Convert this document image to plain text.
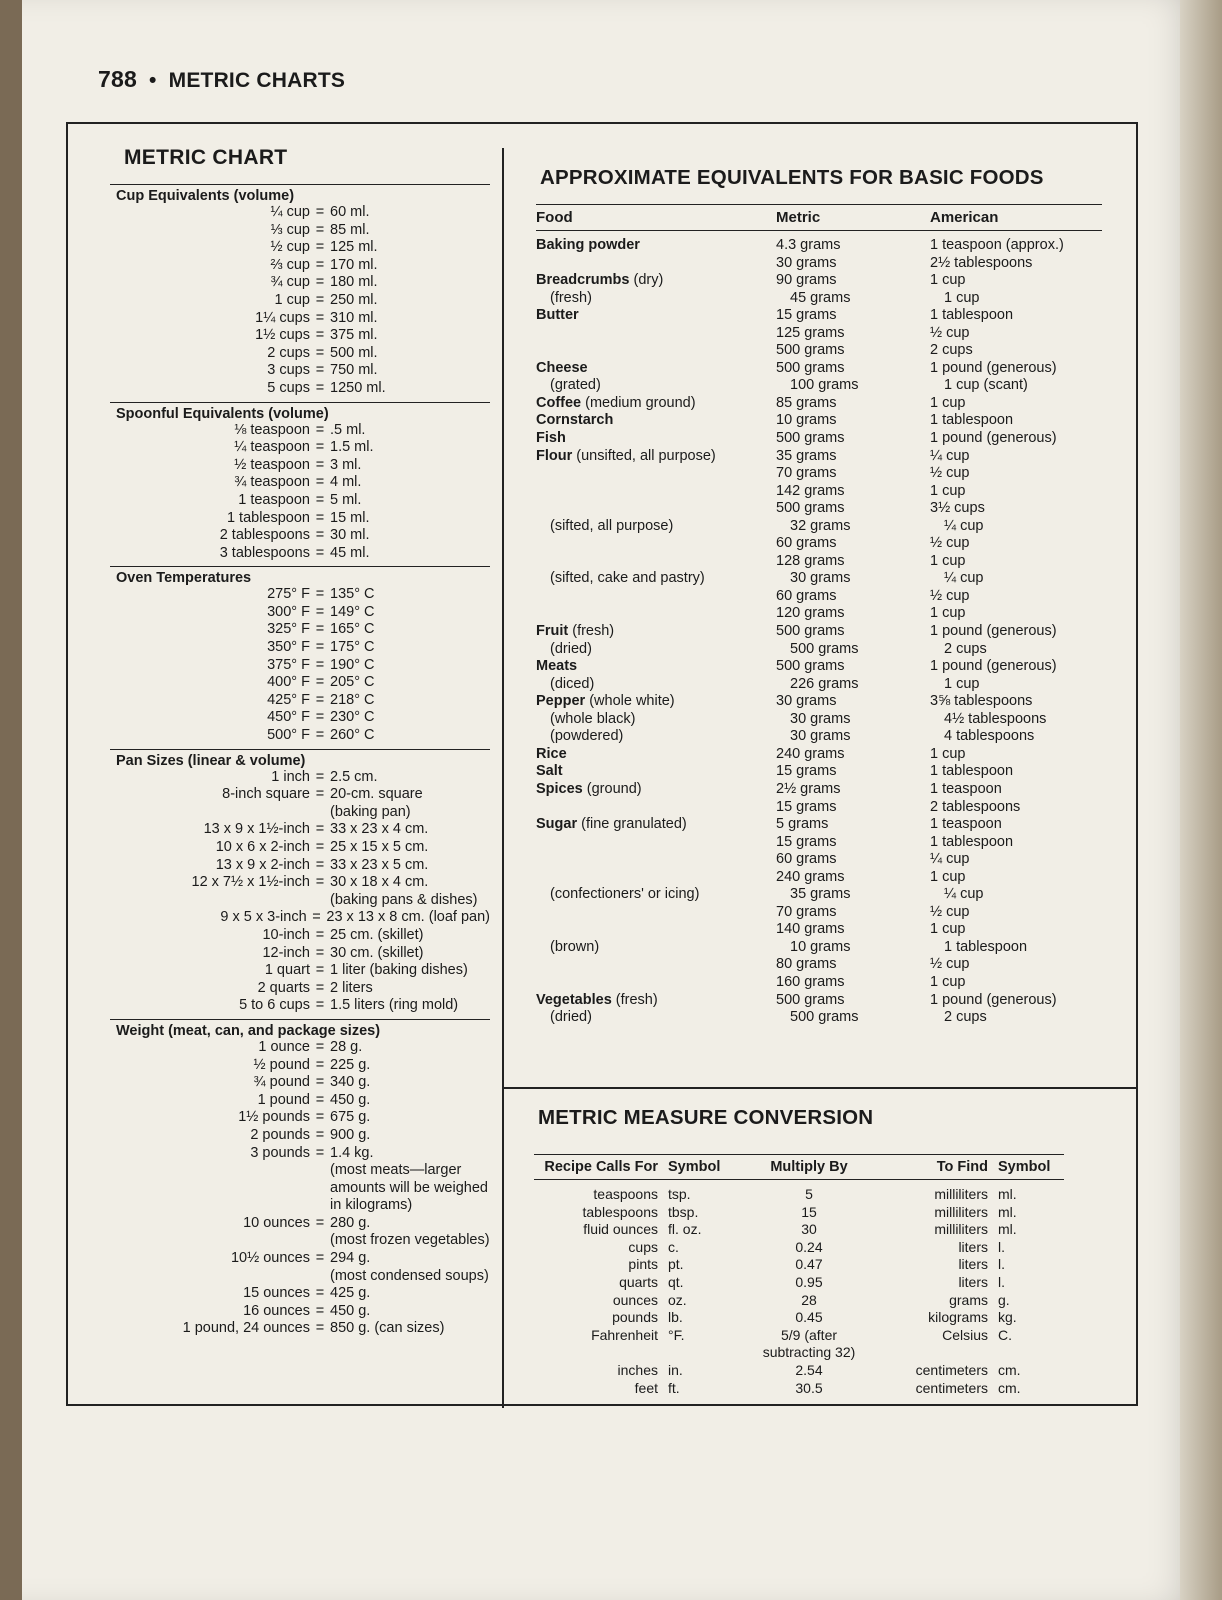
788 • METRIC CHARTS
METRIC CHART
Cup Equivalents (volume)
¼ cup = 60 ml.
⅓ cup = 85 ml.
½ cup = 125 ml.
⅔ cup = 170 ml.
¾ cup = 180 ml.
1 cup = 250 ml.
1¼ cups = 310 ml.
1½ cups = 375 ml.
2 cups = 500 ml.
3 cups = 750 ml.
5 cups = 1250 ml.
Spoonful Equivalents (volume)
⅛ teaspoon = .5 ml.
¼ teaspoon = 1.5 ml.
½ teaspoon = 3 ml.
¾ teaspoon = 4 ml.
1 teaspoon = 5 ml.
1 tablespoon = 15 ml.
2 tablespoons = 30 ml.
3 tablespoons = 45 ml.
Oven Temperatures
275° F = 135° C
300° F = 149° C
325° F = 165° C
350° F = 175° C
375° F = 190° C
400° F = 205° C
425° F = 218° C
450° F = 230° C
500° F = 260° C
Pan Sizes (linear & volume)
1 inch = 2.5 cm.
8-inch square = 20-cm. square
(baking pan)
13 x 9 x 1½-inch = 33 x 23 x 4 cm.
10 x 6 x 2-inch = 25 x 15 x 5 cm.
13 x 9 x 2-inch = 33 x 23 x 5 cm.
12 x 7½ x 1½-inch = 30 x 18 x 4 cm.
(baking pans & dishes)
9 x 5 x 3-inch = 23 x 13 x 8 cm. (loaf pan)
10-inch = 25 cm. (skillet)
12-inch = 30 cm. (skillet)
1 quart = 1 liter (baking dishes)
2 quarts = 2 liters
5 to 6 cups = 1.5 liters (ring mold)
Weight (meat, can, and package sizes)
1 ounce = 28 g.
½ pound = 225 g.
¾ pound = 340 g.
1 pound = 450 g.
1½ pounds = 675 g.
2 pounds = 900 g.
3 pounds = 1.4 kg.
(most meats—larger
amounts will be weighed
in kilograms)
10 ounces = 280 g.
(most frozen vegetables)
10½ ounces = 294 g.
(most condensed soups)
15 ounces = 425 g.
16 ounces = 450 g.
1 pound, 24 ounces = 850 g. (can sizes)
APPROXIMATE EQUIVALENTS FOR BASIC FOODS
Food	Metric	American
Baking powder	4.3 grams	1 teaspoon (approx.)
30 grams	2½ tablespoons
Breadcrumbs (dry)	90 grams	1 cup
(fresh)	45 grams	1 cup
Butter	15 grams	1 tablespoon
125 grams	½ cup
500 grams	2 cups
Cheese	500 grams	1 pound (generous)
(grated)	100 grams	1 cup (scant)
Coffee (medium ground)	85 grams	1 cup
Cornstarch	10 grams	1 tablespoon
Fish	500 grams	1 pound (generous)
Flour (unsifted, all purpose)	35 grams	¼ cup
70 grams	½ cup
142 grams	1 cup
500 grams	3½ cups
(sifted, all purpose)	32 grams	¼ cup
60 grams	½ cup
128 grams	1 cup
(sifted, cake and pastry)	30 grams	¼ cup
60 grams	½ cup
120 grams	1 cup
Fruit (fresh)	500 grams	1 pound (generous)
(dried)	500 grams	2 cups
Meats	500 grams	1 pound (generous)
(diced)	226 grams	1 cup
Pepper (whole white)	30 grams	3⅝ tablespoons
(whole black)	30 grams	4½ tablespoons
(powdered)	30 grams	4 tablespoons
Rice	240 grams	1 cup
Salt	15 grams	1 tablespoon
Spices (ground)	2½ grams	1 teaspoon
15 grams	2 tablespoons
Sugar (fine granulated)	5 grams	1 teaspoon
15 grams	1 tablespoon
60 grams	¼ cup
240 grams	1 cup
(confectioners' or icing)	35 grams	¼ cup
70 grams	½ cup
140 grams	1 cup
(brown)	10 grams	1 tablespoon
80 grams	½ cup
160 grams	1 cup
Vegetables (fresh)	500 grams	1 pound (generous)
(dried)	500 grams	2 cups
METRIC MEASURE CONVERSION
Recipe Calls For Symbol	Multiply By	To Find Symbol
teaspoons tsp.	5	milliliters ml.
tablespoons tbsp.	15	milliliters ml.
fluid ounces fl. oz.	30	milliliters ml.
cups c.	0.24	liters l.
pints pt.	0.47	liters l.
quarts qt.	0.95	liters l.
ounces oz.	28	grams g.
pounds lb.	0.45	kilograms kg.
Fahrenheit °F.	5/9 (after	Celsius C.
subtracting 32)
inches in.	2.54	centimeters cm.
feet ft.	30.5	centimeters cm.
